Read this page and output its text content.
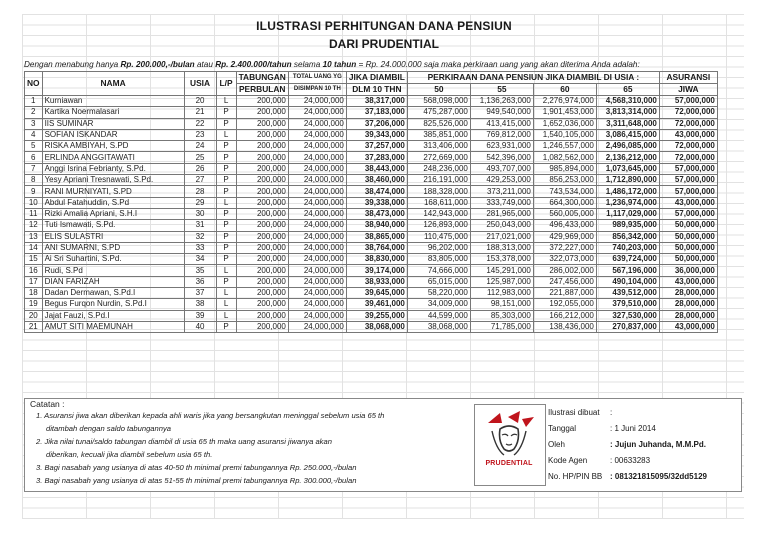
ILUSTRASI PERHITUNGAN DANA PENSIUN
DARI PRUDENTIAL
Dengan menabung hanya Rp. 200.000,-/bulan atau Rp. 2.400.000/tahun selama 10 tahun = Rp. 24.000.000 saja maka perkiraan uang yang akan diterima Anda adalah:
NO	NAMA	USIA	L/P	TABUNGAN	TOTAL UANG YG	JIKA DIAMBIL	PERKIRAAN DANA PENSIUN JIKA DIAMBIL DI USIA :				ASURANSI
				PERBULAN	DISIMPAN 10 TH	DLM 10 THN	50	55	60	65	JIWA
1	Kurniawan	20	L	200,000	24,000,000	38,317,000	568,098,000	1,136,263,000	2,276,974,000	4,568,310,000	57,000,000
2	Kartika Noermalasari	21	P	200,000	24,000,000	37,183,000	475,287,000	949,540,000	1,901,453,000	3,813,314,000	72,000,000
3	IIS SUMINAR	22	P	200,000	24,000,000	37,206,000	825,526,000	413,415,000	1,652,036,000	3,311,648,000	72,000,000
4	SOFIAN ISKANDAR	23	L	200,000	24,000,000	39,343,000	385,851,000	769,812,000	1,540,105,000	3,086,415,000	43,000,000
5	RISKA AMBIYAH, S.PD	24	P	200,000	24,000,000	37,257,000	313,406,000	623,931,000	1,246,557,000	2,496,085,000	72,000,000
6	ERLINDA ANGGITAWATI	25	P	200,000	24,000,000	37,283,000	272,669,000	542,396,000	1,082,562,000	2,136,212,000	72,000,000
7	Anggi Isrina Febrianty, S.Pd.	26	P	200,000	24,000,000	38,443,000	248,236,000	493,707,000	985,894,000	1,073,645,000	57,000,000
8	Yesy Apriani Tresnawati, S.Pd.	27	P	200,000	24,000,000	38,460,000	216,191,000	429,253,000	856,253,000	1,712,890,000	57,000,000
9	RANI MURNIYATI, S.PD	28	P	200,000	24,000,000	38,474,000	188,328,000	373,211,000	743,534,000	1,486,172,000	57,000,000
10	Abdul Fatahuddin, S.Pd	29	L	200,000	24,000,000	39,338,000	168,611,000	333,749,000	664,300,000	1,236,974,000	43,000,000
11	Rizki Amalia Apriani, S.H.I	30	P	200,000	24,000,000	38,473,000	142,943,000	281,965,000	560,005,000	1,117,029,000	57,000,000
12	Tuti Ismawati, S.Pd.	31	P	200,000	24,000,000	38,940,000	126,893,000	250,043,000	496,433,000	989,935,000	50,000,000
13	ELIS SULASTRI	32	P	200,000	24,000,000	38,865,000	110,475,000	217,021,000	429,969,000	856,342,000	50,000,000
14	ANI SUMARNI, S.PD	33	P	200,000	24,000,000	38,764,000	96,202,000	188,313,000	372,227,000	740,203,000	50,000,000
15	Ai Sri Suhartini, S.Pd.	34	P	200,000	24,000,000	38,830,000	83,805,000	153,378,000	322,073,000	639,724,000	50,000,000
16	Rudi, S.Pd	35	L	200,000	24,000,000	39,174,000	74,666,000	145,291,000	286,002,000	567,196,000	36,000,000
17	DIAN FARIZAH	36	P	200,000	24,000,000	38,933,000	65,015,000	125,987,000	247,456,000	490,104,000	43,000,000
18	Dadan Dermawan, S.Pd.I	37	L	200,000	24,000,000	39,645,000	58,220,000	112,983,000	221,887,000	439,512,000	28,000,000
19	Begus Furqon Nurdin, S.Pd.I	38	L	200,000	24,000,000	39,461,000	34,009,000	98,151,000	192,055,000	379,510,000	28,000,000
20	Jajat Fauzi, S.Pd.I	39	L	200,000	24,000,000	39,255,000	44,599,000	85,303,000	166,212,000	327,530,000	28,000,000
21	AMUT SITI MAEMUNAH	40	P	200,000	24,000,000	38,068,000	38,068,000	71,785,000	138,436,000	270,837,000	43,000,000
Catatan :
1. Asuransi jiwa akan diberikan kepada ahli waris jika yang bersangkutan meninggal sebelum usia 65 th
ditambah dengan saldo tabungannya
2. Jika nilai tunai/saldo tabungan diambil di usia 65 th maka uang asuransi jiwanya akan
diberikan, kecuali jika diambil sebelum usia 65 th.
3. Bagi nasabah yang usianya di atas 40-50 th minimal premi tabungannya Rp. 250.000,-/bulan
3. Bagi nasabah yang usianya di atas 51-55 th minimal premi tabungannya Rp. 300.000,-/bulan
PRUDENTIAL
Ilustrasi dibuat :
Tanggal	: 1 Juni 2014
Oleh	: Jujun Juhanda, M.M.Pd.
Kode Agen	: 00633283
No. HP/PIN BB : 081321815095/32dd5129
